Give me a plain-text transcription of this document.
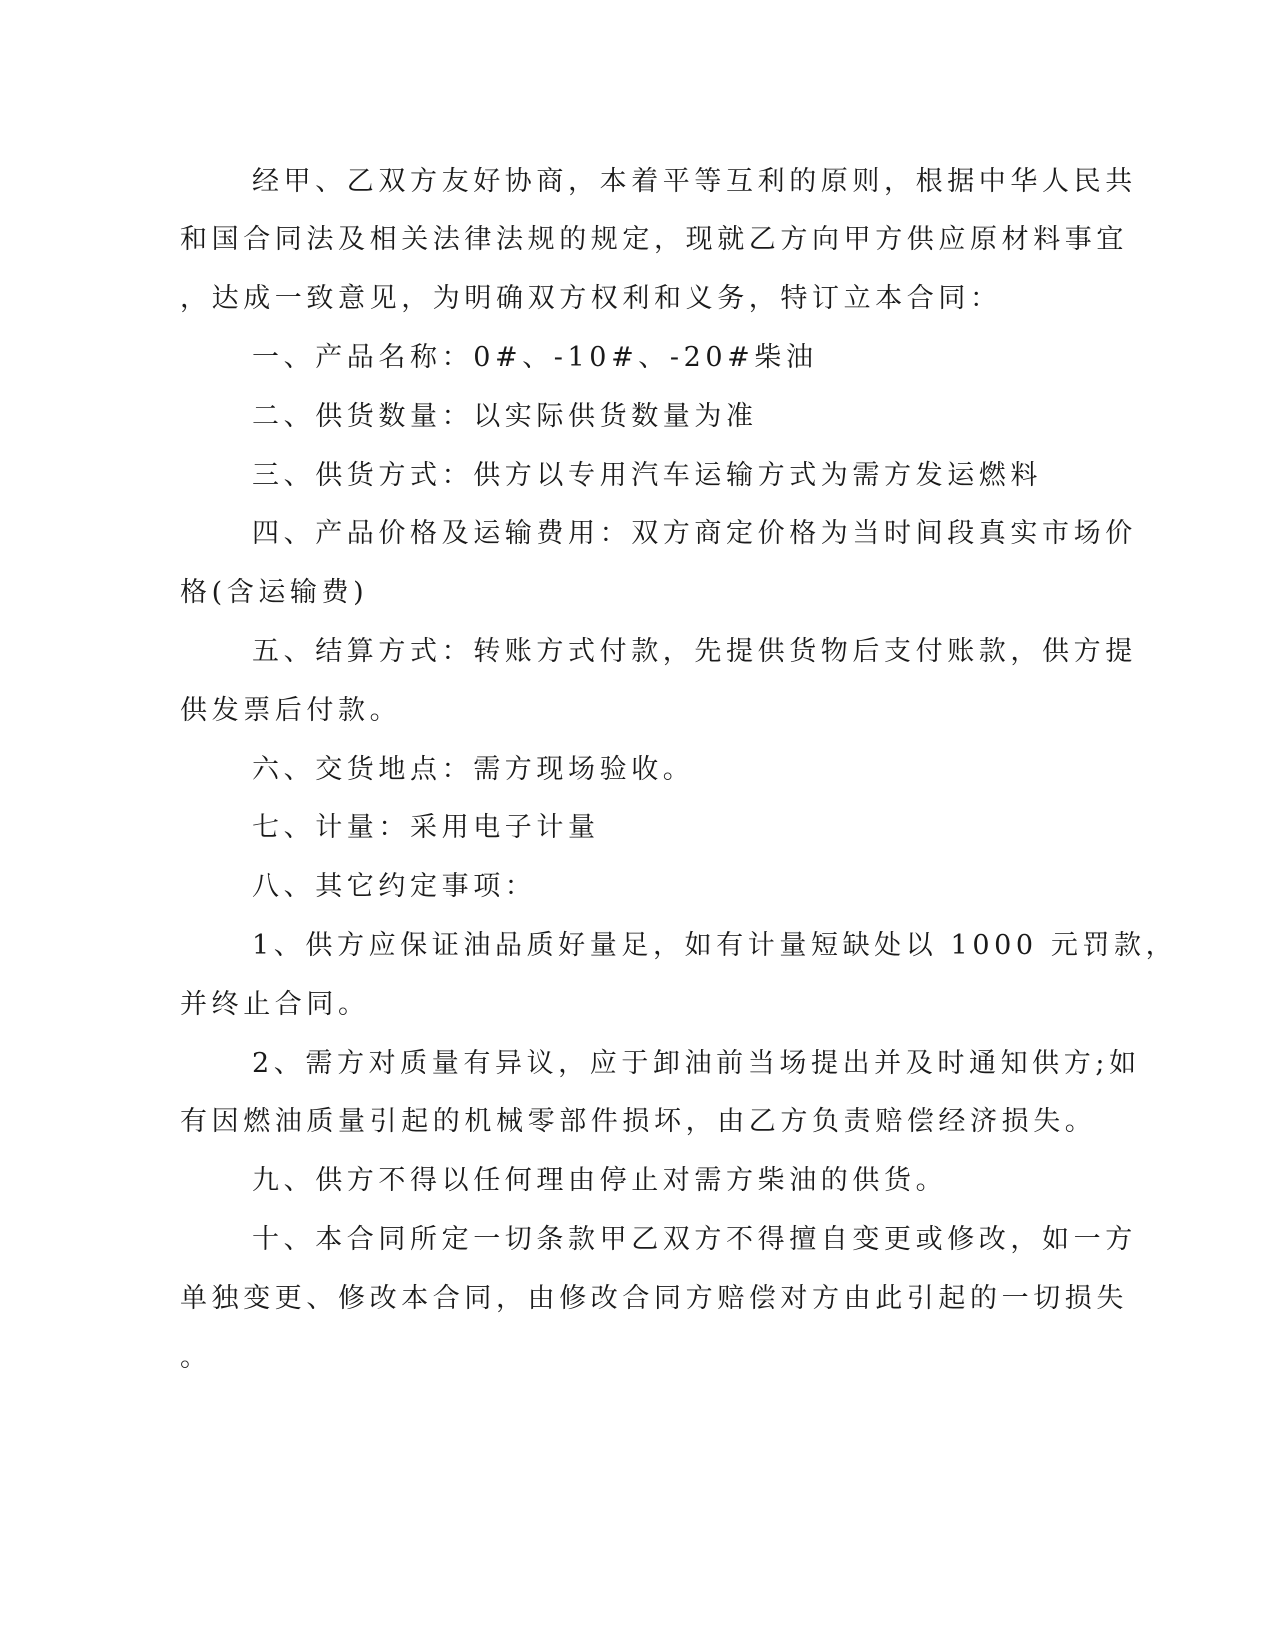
经甲、乙双方友好协商，本着平等互利的原则，根据中华人民共

和国合同法及相关法律法规的规定，现就乙方向甲方供应原材料事宜

，达成一致意见，为明确双方权利和义务，特订立本合同：

一、产品名称：0#、-10#、-20#柴油

二、供货数量：以实际供货数量为准

三、供货方式：供方以专用汽车运输方式为需方发运燃料

四、产品价格及运输费用：双方商定价格为当时间段真实市场价

格(含运输费)

五、结算方式：转账方式付款，先提供货物后支付账款，供方提

供发票后付款。

六、交货地点：需方现场验收。

七、计量：采用电子计量

八、其它约定事项：

1、供方应保证油品质好量足，如有计量短缺处以 1000 元罚款，

并终止合同。

2、需方对质量有异议，应于卸油前当场提出并及时通知供方;如

有因燃油质量引起的机械零部件损坏，由乙方负责赔偿经济损失。

九、供方不得以任何理由停止对需方柴油的供货。

十、本合同所定一切条款甲乙双方不得擅自变更或修改，如一方

单独变更、修改本合同，由修改合同方赔偿对方由此引起的一切损失

。
